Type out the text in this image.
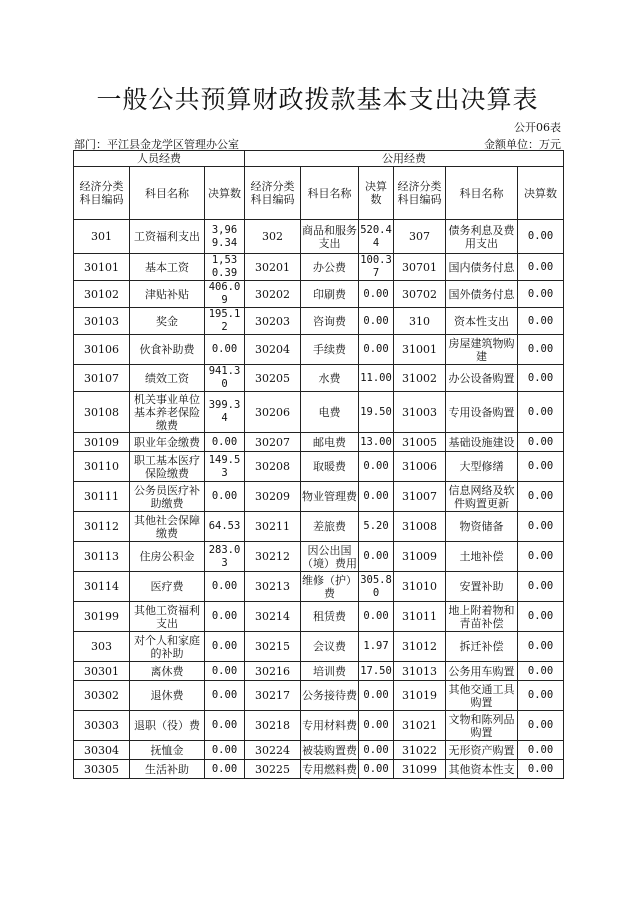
一般公共预算财政拨款基本支出决算表
公开06表
部门：平江县金龙学区管理办公室	金额单位：万元
人员经费			公用经费					
经济分类科目编码	科目名称	决算数	经济分类科目编码	科目名称	决算数	经济分类科目编码	科目名称	决算数
301	工资福利支出	3,969.34	302	商品和服务支出	520.44	307	债务利息及费用支出	0.00
30101	基本工资	1,530.39	30201	办公费	100.37	30701	国内债务付息	0.00
30102	津贴补贴	406.09	30202	印刷费	0.00	30702	国外债务付息	0.00
30103	奖金	195.12	30203	咨询费	0.00	310	资本性支出	0.00
30106	伙食补助费	0.00	30204	手续费	0.00	31001	房屋建筑物购建	0.00
30107	绩效工资	941.30	30205	水费	11.00	31002	办公设备购置	0.00
30108	机关事业单位基本养老保险缴费	399.34	30206	电费	19.50	31003	专用设备购置	0.00
30109	职业年金缴费	0.00	30207	邮电费	13.00	31005	基础设施建设	0.00
30110	职工基本医疗保险缴费	149.53	30208	取暖费	0.00	31006	大型修缮	0.00
30111	公务员医疗补助缴费	0.00	30209	物业管理费	0.00	31007	信息网络及软件购置更新	0.00
30112	其他社会保障缴费	64.53	30211	差旅费	5.20	31008	物资储备	0.00
30113	住房公积金	283.03	30212	因公出国（境）费用	0.00	31009	土地补偿	0.00
30114	医疗费	0.00	30213	维修（护）费	305.80	31010	安置补助	0.00
30199	其他工资福利支出	0.00	30214	租赁费	0.00	31011	地上附着物和青苗补偿	0.00
303	对个人和家庭的补助	0.00	30215	会议费	1.97	31012	拆迁补偿	0.00
30301	离休费	0.00	30216	培训费	17.50	31013	公务用车购置	0.00
30302	退休费	0.00	30217	公务接待费	0.00	31019	其他交通工具购置	0.00
30303	退职（役）费	0.00	30218	专用材料费	0.00	31021	文物和陈列品购置	0.00
30304	抚恤金	0.00	30224	被装购置费	0.00	31022	无形资产购置	0.00
30305	生活补助	0.00	30225	专用燃料费	0.00	31099	其他资本性支	0.00
